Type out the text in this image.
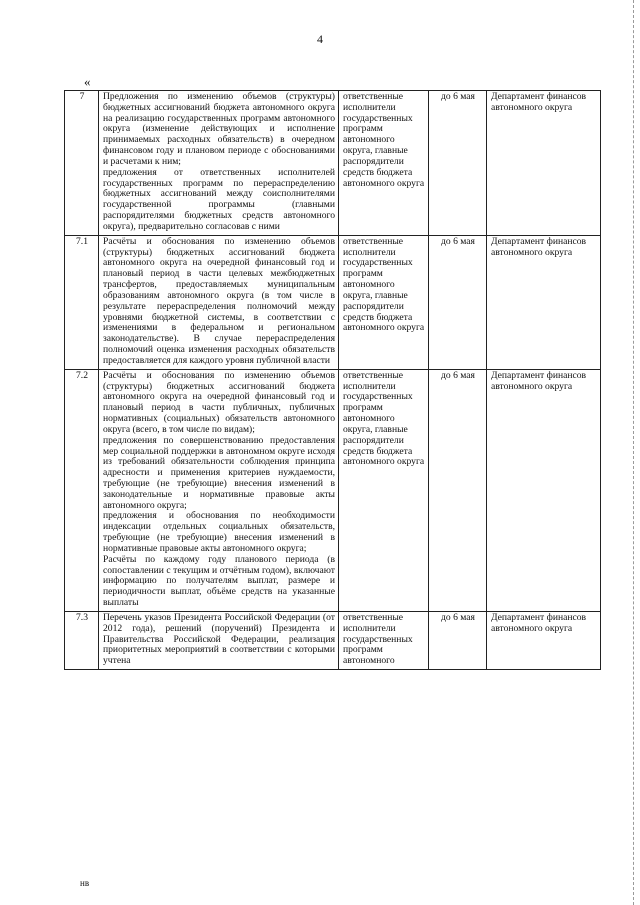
4
«
7	Предложения по изменению объемов (структуры) бюджетных ассигнований бюджета автономного округа на реализацию государственных программ автономного округа (изменение действующих и исполнение принимаемых расходных обязательств) в очередном финансовом году и плановом периоде с обоснованиями и расчетами к ним;
предложения от ответственных исполнителей государственных программ по перераспределению бюджетных ассигнований между соисполнителями государственной программы (главными распорядителями бюджетных средств автономного округа), предварительно согласовав с ними	ответственные исполнители государственных программ автономного округа, главные распорядители средств бюджета автономного округа	до 6 мая	Департамент финансов автономного округа
7.1	Расчёты и обоснования по изменению объемов (структуры) бюджетных ассигнований бюджета автономного округа на очередной финансовый год и плановый период в части целевых межбюджетных трансфертов, предоставляемых муниципальным образованиям автономного округа (в том числе в результате перераспределения полномочий между уровнями бюджетной системы, в соответствии с изменениями в федеральном и региональном законодательстве). В случае перераспределения полномочий оценка изменения расходных обязательств предоставляется для каждого уровня публичной власти	ответственные исполнители государственных программ автономного округа, главные распорядители средств бюджета автономного округа	до 6 мая	Департамент финансов автономного округа
7.2	Расчёты и обоснования по изменению объемов (структуры) бюджетных ассигнований бюджета автономного округа на очередной финансовый год и плановый период в части публичных, публичных нормативных (социальных) обязательств автономного округа (всего, в том числе по видам);
предложения по совершенствованию предоставления мер социальной поддержки в автономном округе исходя из требований обязательности соблюдения принципа адресности и применения критериев нуждаемости, требующие (не требующие) внесения изменений в законодательные и нормативные правовые акты автономного округа;
предложения и обоснования по необходимости индексации отдельных социальных обязательств, требующие (не требующие) внесения изменений в нормативные правовые акты автономного округа;
Расчёты по каждому году планового периода (в сопоставлении с текущим и отчётным годом), включают информацию по получателям выплат, размере и периодичности выплат, объёме средств на указанные выплаты	ответственные исполнители государственных программ автономного округа, главные распорядители средств бюджета автономного округа	до 6 мая	Департамент финансов автономного округа
7.3	Перечень указов Президента Российской Федерации (от 2012 года), решений (поручений) Президента и Правительства Российской Федерации, реализация приоритетных мероприятий в соответствии с которыми учтена	ответственные исполнители государственных программ автономного	до 6 мая	Департамент финансов автономного округа
нв
